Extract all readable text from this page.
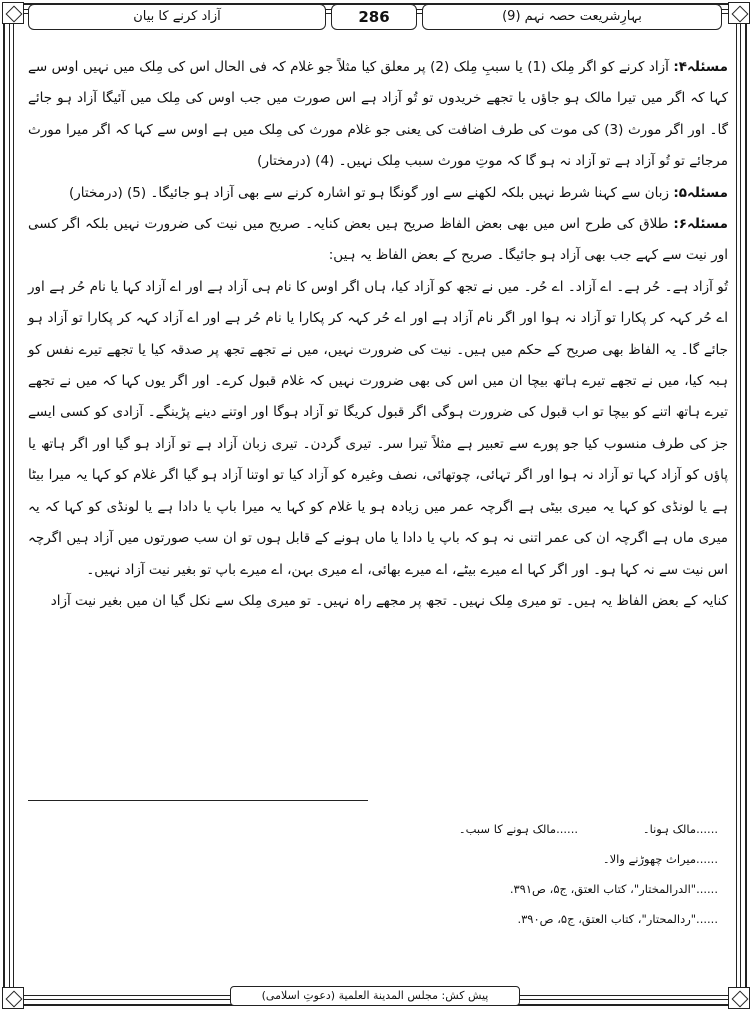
بہارِشریعت حصہ نہم (9)
286
آزاد کرنے کا بیان

مسئلہ۴: آزاد کرنے کو اگر مِلک (1) یا سببِ مِلک (2) پر معلق کیا مثلاً جو غلام کہ فی الحال اس کی مِلک میں نہیں اوس سے کہا کہ اگر میں تیرا مالک ہو جاؤں یا تجھے خریدوں تو تُو آزاد ہے اس صورت میں جب اوس کی مِلک میں آئیگا آزاد ہو جائے گا۔ اور اگر مورث (3) کی موت کی طرف اضافت کی یعنی جو غلام مورث کی مِلک میں ہے اوس سے کہا کہ اگر میرا مورث مرجائے تو تُو آزاد ہے تو آزاد نہ ہو گا کہ موتِ مورث سبب مِلک نہیں۔ (4) (درمختار)

مسئلہ۵: زبان سے کہنا شرط نہیں بلکہ لکھنے سے اور گونگا ہو تو اشارہ کرنے سے بھی آزاد ہو جائیگا۔ (5) (درمختار)

مسئلہ۶: طلاق کی طرح اس میں بھی بعض الفاظ صریح ہیں بعض کنایہ۔ صریح میں نیت کی ضرورت نہیں بلکہ اگر کسی اور نیت سے کہے جب بھی آزاد ہو جائیگا۔ صریح کے بعض الفاظ یہ ہیں:

تُو آزاد ہے۔ حُر ہے۔ اے آزاد۔ اے حُر۔ میں نے تجھ کو آزاد کیا، ہاں اگر اوس کا نام ہی آزاد ہے اور اے آزاد کہا یا نام حُر ہے اور اے حُر کہہ کر پکارا تو آزاد نہ ہوا اور اگر نام آزاد ہے اور اے حُر کہہ کر پکارا یا نام حُر ہے اور اے آزاد کہہ کر پکارا تو آزاد ہو جائے گا۔ یہ الفاظ بھی صریح کے حکم میں ہیں۔ نیت کی ضرورت نہیں، میں نے تجھے تجھ پر صدقہ کیا یا تجھے تیرے نفس کو ہبہ کیا، میں نے تجھے تیرے ہاتھ بیچا ان میں اس کی بھی ضرورت نہیں کہ غلام قبول کرے۔ اور اگر یوں کہا کہ میں نے تجھے تیرے ہاتھ اتنے کو بیچا تو اب قبول کی ضرورت ہوگی اگر قبول کریگا تو آزاد ہوگا اور اوتنے دینے پڑینگے۔ آزادی کو کسی ایسے جز کی طرف منسوب کیا جو پورے سے تعبیر ہے مثلاً تیرا سر۔ تیری گردن۔ تیری زبان آزاد ہے تو آزاد ہو گیا اور اگر ہاتھ یا پاؤں کو آزاد کہا تو آزاد نہ ہوا اور اگر تہائی، چوتھائی، نصف وغیرہ کو آزاد کیا تو اوتنا آزاد ہو گیا اگر غلام کو کہا یہ میرا بیٹا ہے یا لونڈی کو کہا یہ میری بیٹی ہے اگرچہ عمر میں زیادہ ہو یا غلام کو کہا یہ میرا باپ یا دادا ہے یا لونڈی کو کہا کہ یہ میری ماں ہے اگرچہ ان کی عمر اتنی نہ ہو کہ باپ یا دادا یا ماں ہونے کے قابل ہوں تو ان سب صورتوں میں آزاد ہیں اگرچہ اس نیت سے نہ کہا ہو۔ اور اگر کہا اے میرے بیٹے، اے میرے بھائی، اے میری بہن، اے میرے باپ تو بغیر نیت آزاد نہیں۔

کنایہ کے بعض الفاظ یہ ہیں۔ تو میری مِلک نہیں۔ تجھ پر مجھے راہ نہیں۔ تو میری مِلک سے نکل گیا ان میں بغیر نیت آزاد

......مالک ہونا۔
......مالک ہونے کا سبب۔
......میراث چھوڑنے والا۔
......"الدرالمختار"، کتاب العتق، ج۵، ص۳۹۱.
......"ردالمحتار"، کتاب العتق، ج۵، ص۳۹۰.
پیش کش: مجلس المدینة العلمیة (دعوتِ اسلامی)
